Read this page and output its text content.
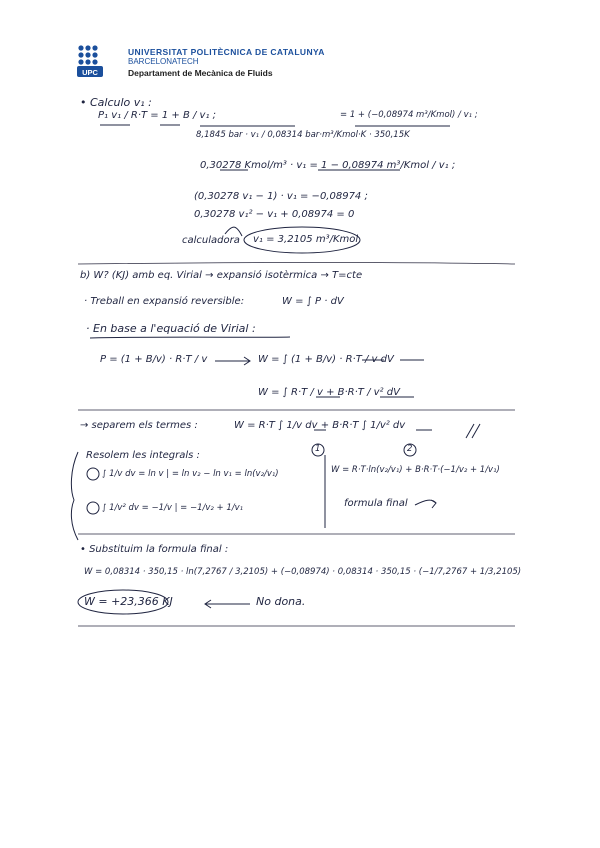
UPC
UNIVERSITAT POLITÈCNICA DE CATALUNYA
BARCELONATECH
Departament de Mecànica de Fluids
• Calculo v₁ :
P₁ v₁ / R·T = 1 + B / v₁ ;
8,1845 bar · v₁ / 0,08314 bar·m³/Kmol·K · 350,15K
= 1 + (−0,08974 m³/Kmol) / v₁ ;
0,30278 Kmol/m³ · v₁ = 1 − 0,08974 m³/Kmol / v₁ ;
(0,30278 v₁ − 1) · v₁ = −0,08974 ;
0,30278 v₁² − v₁ + 0,08974 = 0
calculadora v₁ = 3,2105 m³/Kmol
b) W? (KJ) amb eq. Virial → expansió isotèrmica → T=cte
· Treball en expansió reversible:	W = ∫ P · dV
· En base a l'equació de Virial :
P = (1 + B/v) · R·T / v	W = ∫ (1 + B/v) · R·T / v dV
W = ∫ R·T / v + B·R·T / v² dV
→ separem els termes :	W = R·T ∫ 1/v dv + B·R·T ∫ 1/v² dv
1	2
Resolem les integrals :
∫ 1/v dv = ln v | = ln v₂ − ln v₁ = ln(v₂/v₁)
∫ 1/v² dv = −1/v | = −1/v₂ + 1/v₁
W = R·T·ln(v₂/v₁) + B·R·T·(−1/v₂ + 1/v₁)
formula final
• Substituim la formula final :
W = 0,08314 · 350,15 · ln(7,2767 / 3,2105) + (−0,08974) · 0,08314 · 350,15 · (−1/7,2767 + 1/3,2105)
W = +23,366 KJ	No dona.
